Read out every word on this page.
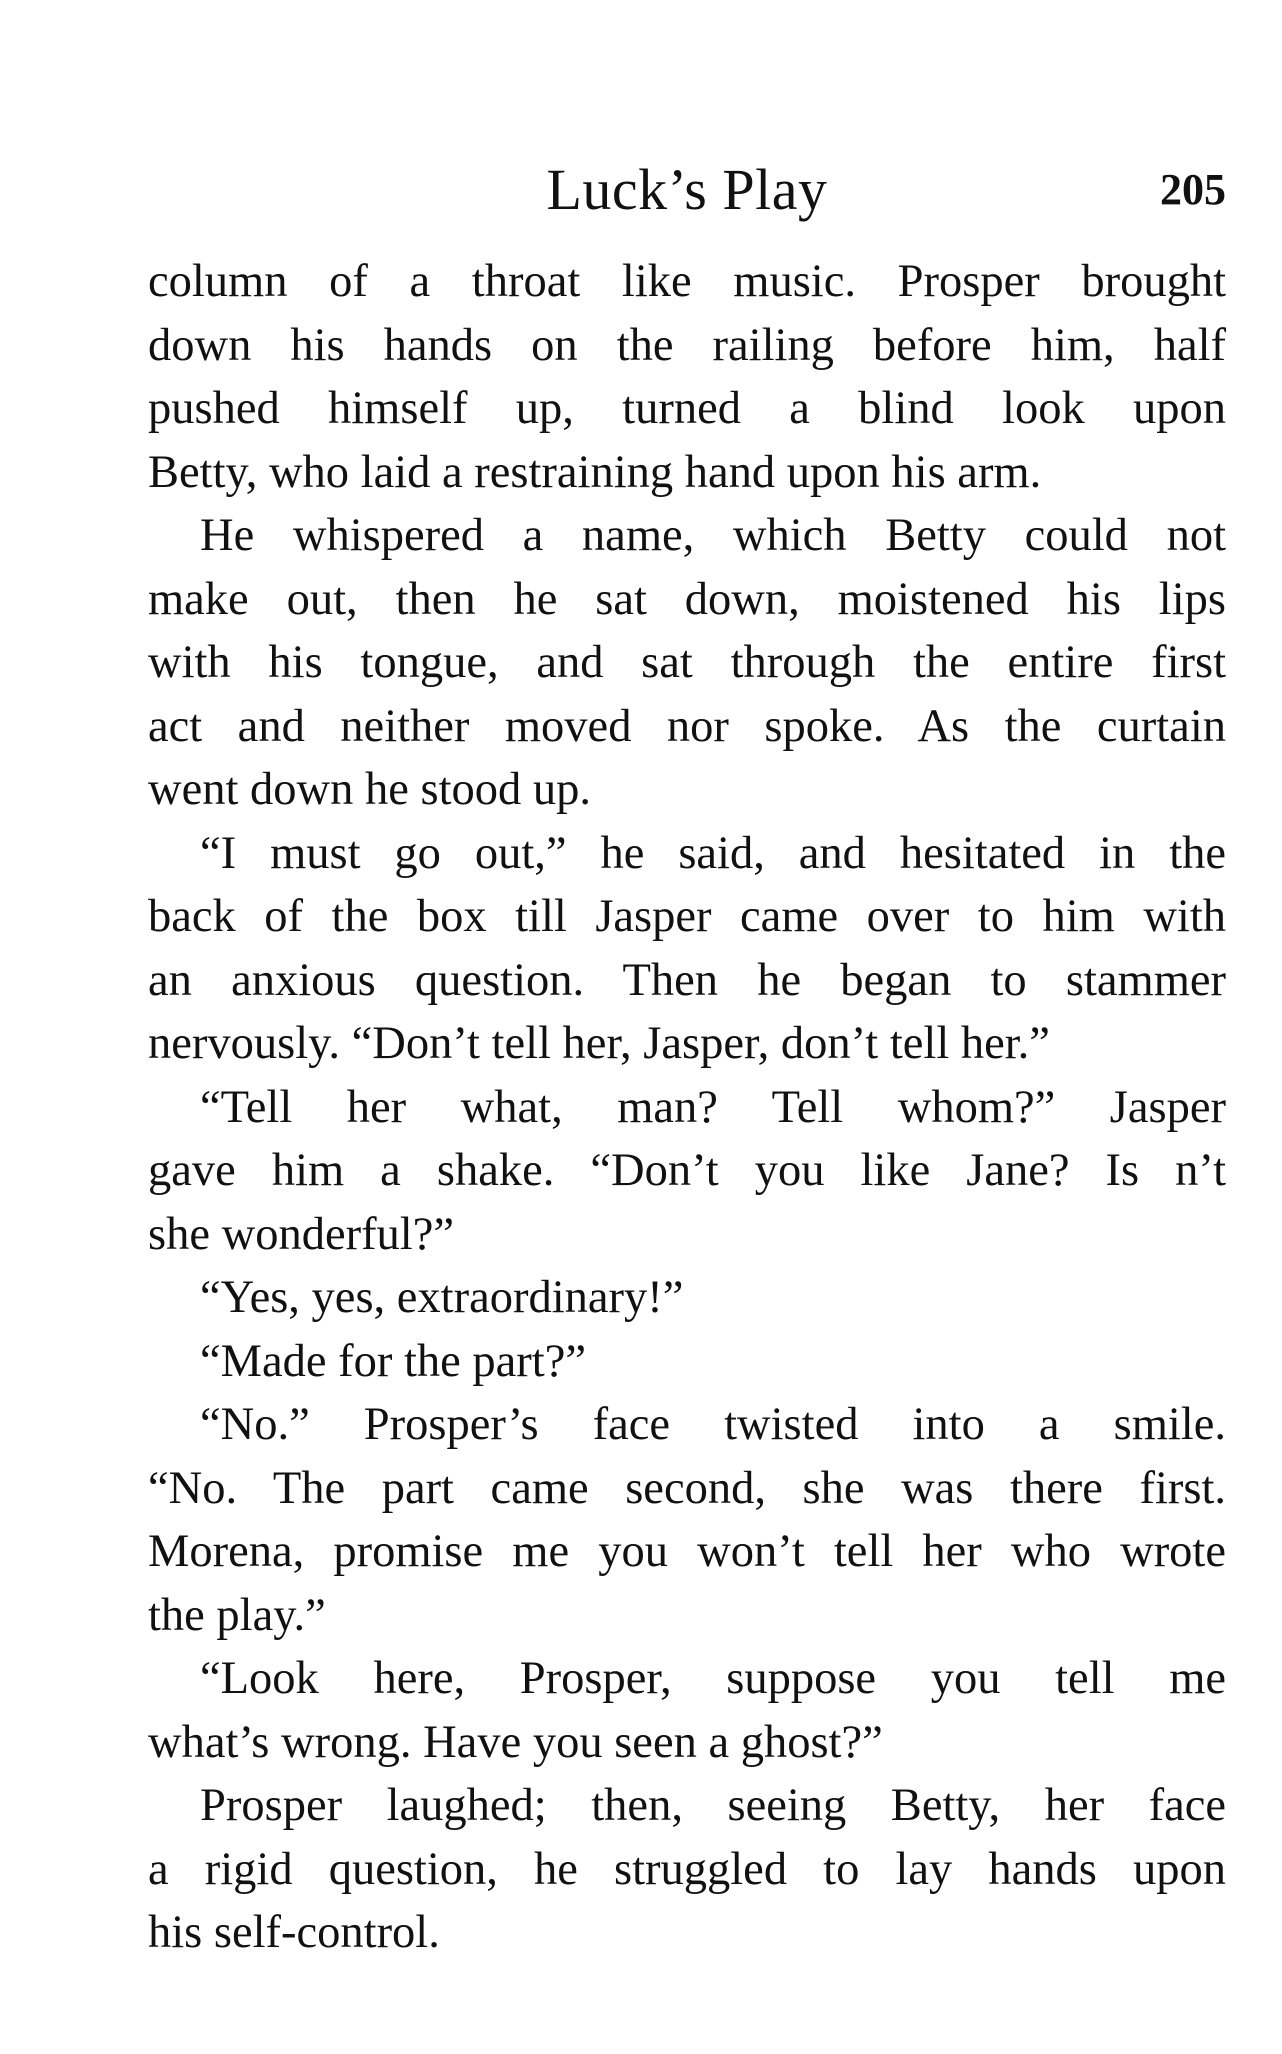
Luck’s Play	205
column of a throat like music. Prosper brought
down his hands on the railing before him, half
pushed himself up, turned a blind look upon
Betty, who laid a restraining hand upon his arm.
He whispered a name, which Betty could not
make out, then he sat down, moistened his lips
with his tongue, and sat through the entire first
act and neither moved nor spoke. As the curtain
went down he stood up.
“I must go out,” he said, and hesitated in the
back of the box till Jasper came over to him with
an anxious question. Then he began to stammer
nervously. “Don’t tell her, Jasper, don’t tell her.”
“Tell her what, man? Tell whom?” Jasper
gave him a shake. “Don’t you like Jane? Is n’t
she wonderful?”
“Yes, yes, extraordinary!”
“Made for the part?”
“No.” Prosper’s face twisted into a smile.
“No. The part came second, she was there first.
Morena, promise me you won’t tell her who wrote
the play.”
“Look here, Prosper, suppose you tell me
what’s wrong. Have you seen a ghost?”
Prosper laughed; then, seeing Betty, her face
a rigid question, he struggled to lay hands upon
his self-control.
